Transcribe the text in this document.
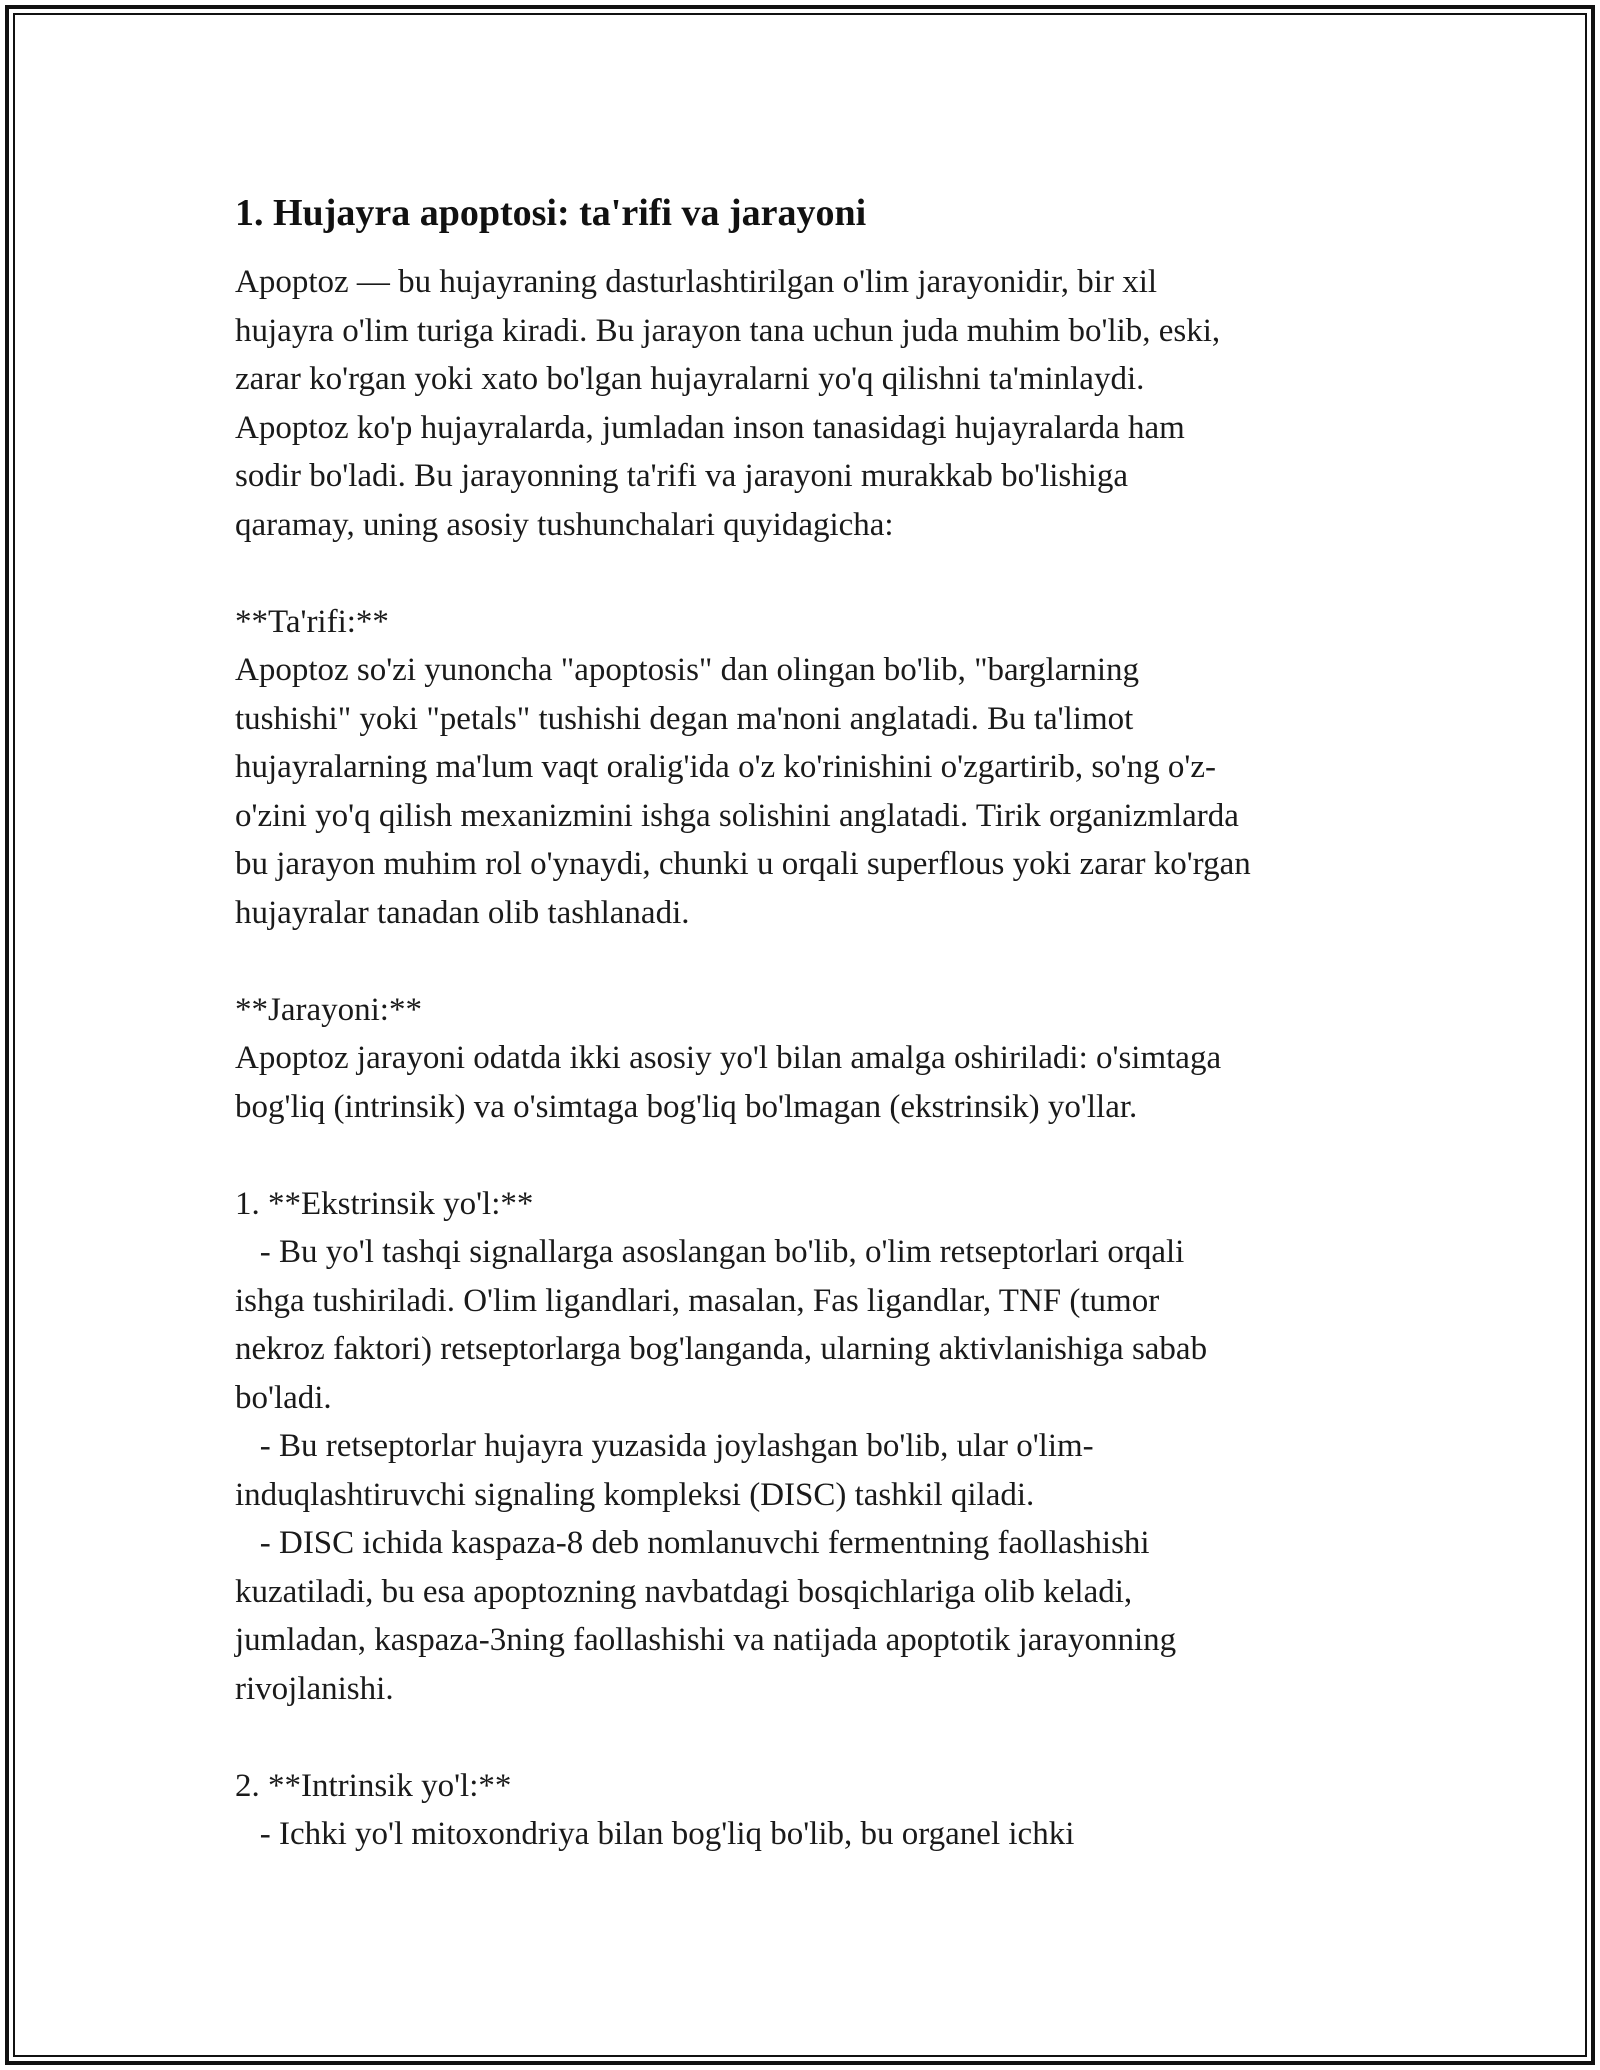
1. Hujayra apoptosi: ta'rifi va jarayoni

Apoptoz — bu hujayraning dasturlashtirilgan o'lim jarayonidir, bir xil
hujayra o'lim turiga kiradi. Bu jarayon tana uchun juda muhim bo'lib, eski,
zarar ko'rgan yoki xato bo'lgan hujayralarni yo'q qilishni ta'minlaydi.
Apoptoz ko'p hujayralarda, jumladan inson tanasidagi hujayralarda ham
sodir bo'ladi. Bu jarayonning ta'rifi va jarayoni murakkab bo'lishiga
qaramay, uning asosiy tushunchalari quyidagicha:

**Ta'rifi:**
Apoptoz so'zi yunoncha "apoptosis" dan olingan bo'lib, "barglarning
tushishi" yoki "petals" tushishi degan ma'noni anglatadi. Bu ta'limot
hujayralarning ma'lum vaqt oralig'ida o'z ko'rinishini o'zgartirib, so'ng o'z-
o'zini yo'q qilish mexanizmini ishga solishini anglatadi. Tirik organizmlarda
bu jarayon muhim rol o'ynaydi, chunki u orqali superflous yoki zarar ko'rgan
hujayralar tanadan olib tashlanadi.

**Jarayoni:**
Apoptoz jarayoni odatda ikki asosiy yo'l bilan amalga oshiriladi: o'simtaga
bog'liq (intrinsik) va o'simtaga bog'liq bo'lmagan (ekstrinsik) yo'llar.

1. **Ekstrinsik yo'l:**
- Bu yo'l tashqi signallarga asoslangan bo'lib, o'lim retseptorlari orqali
ishga tushiriladi. O'lim ligandlari, masalan, Fas ligandlar, TNF (tumor
nekroz faktori) retseptorlarga bog'langanda, ularning aktivlanishiga sabab
bo'ladi.
- Bu retseptorlar hujayra yuzasida joylashgan bo'lib, ular o'lim-
induqlashtiruvchi signaling kompleksi (DISC) tashkil qiladi.
- DISC ichida kaspaza-8 deb nomlanuvchi fermentning faollashishi
kuzatiladi, bu esa apoptozning navbatdagi bosqichlariga olib keladi,
jumladan, kaspaza-3ning faollashishi va natijada apoptotik jarayonning
rivojlanishi.

2. **Intrinsik yo'l:**
- Ichki yo'l mitoxondriya bilan bog'liq bo'lib, bu organel ichki
